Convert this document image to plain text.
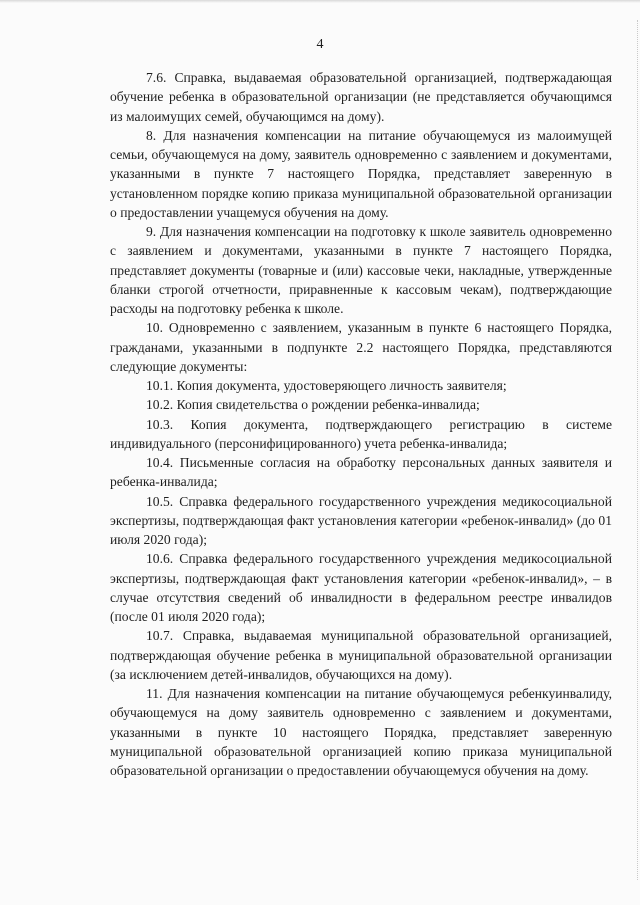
4

7.6. Справка, выдаваемая образовательной организацией, подтвержадающая обучение ребенка в образовательной организации (не представляется обучающимся из малоимущих семей, обучающимся на дому).

8. Для назначения компенсации на питание обучающемуся из малоимущей семьи, обучающемуся на дому, заявитель одновременно с заявлением и документами, указанными в пункте 7 настоящего Порядка, представляет заверенную в установленном порядке копию приказа муниципальной образовательной организации о предоставлении учащемуся обучения на дому.

9. Для назначения компенсации на подготовку к школе заявитель одновременно с заявлением и документами, указанными в пункте 7 настоящего Порядка, представляет документы (товарные и (или) кассовые чеки, накладные, утвержденные бланки строгой отчетности, приравненные к кассовым чекам), подтверждающие расходы на подготовку ребенка к школе.

10. Одновременно с заявлением, указанным в пункте 6 настоящего Порядка, гражданами, указанными в подпункте 2.2 настоящего Порядка, представляются следующие документы:

10.1. Копия документа, удостоверяющего личность заявителя;

10.2. Копия свидетельства о рождении ребенка-инвалида;

10.3. Копия документа, подтверждающего регистрацию в системе индивидуального (персонифицированного) учета ребенка-инвалида;

10.4. Письменные согласия на обработку персональных данных заявителя и ребенка-инвалида;

10.5. Справка федерального государственного учреждения медикосоциальной экспертизы, подтверждающая факт установления категории «ребенок-инвалид» (до 01 июля 2020 года);

10.6. Справка федерального государственного учреждения медикосоциальной экспертизы, подтверждающая факт установления категории «ребенок-инвалид», – в случае отсутствия сведений об инвалидности в федеральном реестре инвалидов (после 01 июля 2020 года);

10.7. Справка, выдаваемая муниципальной образовательной организацией, подтверждающая обучение ребенка в муниципальной образовательной организации (за исключением детей-инвалидов, обучающихся на дому).

11. Для назначения компенсации на питание обучающемуся ребенкуинвалиду, обучающемуся на дому заявитель одновременно с заявлением и документами, указанными в пункте 10 настоящего Порядка, представляет заверенную муниципальной образовательной организацией копию приказа муниципальной образовательной организации о предоставлении обучающемуся обучения на дому.
